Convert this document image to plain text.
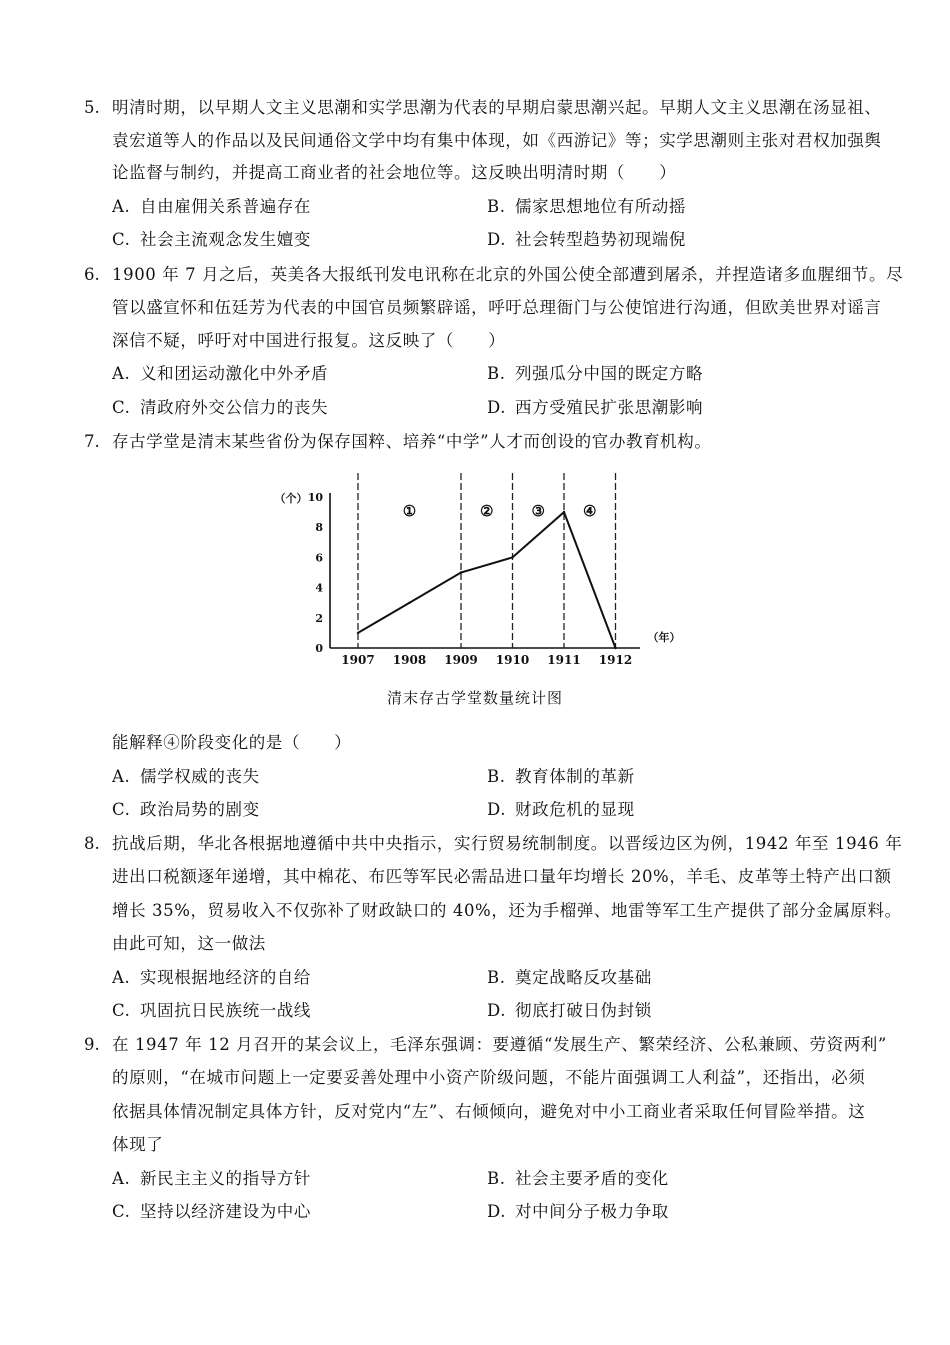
5. 明清时期，以早期人文主义思潮和实学思潮为代表的早期启蒙思潮兴起。早期人文主义思潮在汤显祖、
袁宏道等人的作品以及民间通俗文学中均有集中体现，如《西游记》等；实学思潮则主张对君权加强舆
论监督与制约，并提高工商业者的社会地位等。这反映出明清时期（　　）
A. 自由雇佣关系普遍存在	B. 儒家思想地位有所动摇
C. 社会主流观念发生嬗变	D. 社会转型趋势初现端倪
6. 1900 年 7 月之后，英美各大报纸刊发电讯称在北京的外国公使全部遭到屠杀，并捏造诸多血腥细节。尽
管以盛宣怀和伍廷芳为代表的中国官员频繁辟谣，呼吁总理衙门与公使馆进行沟通，但欧美世界对谣言
深信不疑，呼吁对中国进行报复。这反映了（　　）
A. 义和团运动激化中外矛盾	B. 列强瓜分中国的既定方略
C. 清政府外交公信力的丧失	D. 西方受殖民扩张思潮影响
7. 存古学堂是清末某些省份为保存国粹、培养“中学”人才而创设的官办教育机构。
①	②	③	④
0
2
4
6
8
10
（个）
（年）
1907 1908 1909 1910 1911 1912
清末存古学堂数量统计图
能解释④阶段变化的是（　　）
A. 儒学权威的丧失	B. 教育体制的革新
C. 政治局势的剧变	D. 财政危机的显现
8. 抗战后期，华北各根据地遵循中共中央指示，实行贸易统制制度。以晋绥边区为例，1942 年至 1946 年
进出口税额逐年递增，其中棉花、布匹等军民必需品进口量年均增长 20%，羊毛、皮革等土特产出口额
增长 35%，贸易收入不仅弥补了财政缺口的 40%，还为手榴弹、地雷等军工生产提供了部分金属原料。
由此可知，这一做法
A. 实现根据地经济的自给	B. 奠定战略反攻基础
C. 巩固抗日民族统一战线	D. 彻底打破日伪封锁
9. 在 1947 年 12 月召开的某会议上，毛泽东强调：要遵循“发展生产、繁荣经济、公私兼顾、劳资两利”
的原则，“在城市问题上一定要妥善处理中小资产阶级问题，不能片面强调工人利益”，还指出，必须
依据具体情况制定具体方针，反对党内“左”、右倾倾向，避免对中小工商业者采取任何冒险举措。这
体现了
A. 新民主主义的指导方针	B. 社会主要矛盾的变化
C. 坚持以经济建设为中心	D. 对中间分子极力争取
